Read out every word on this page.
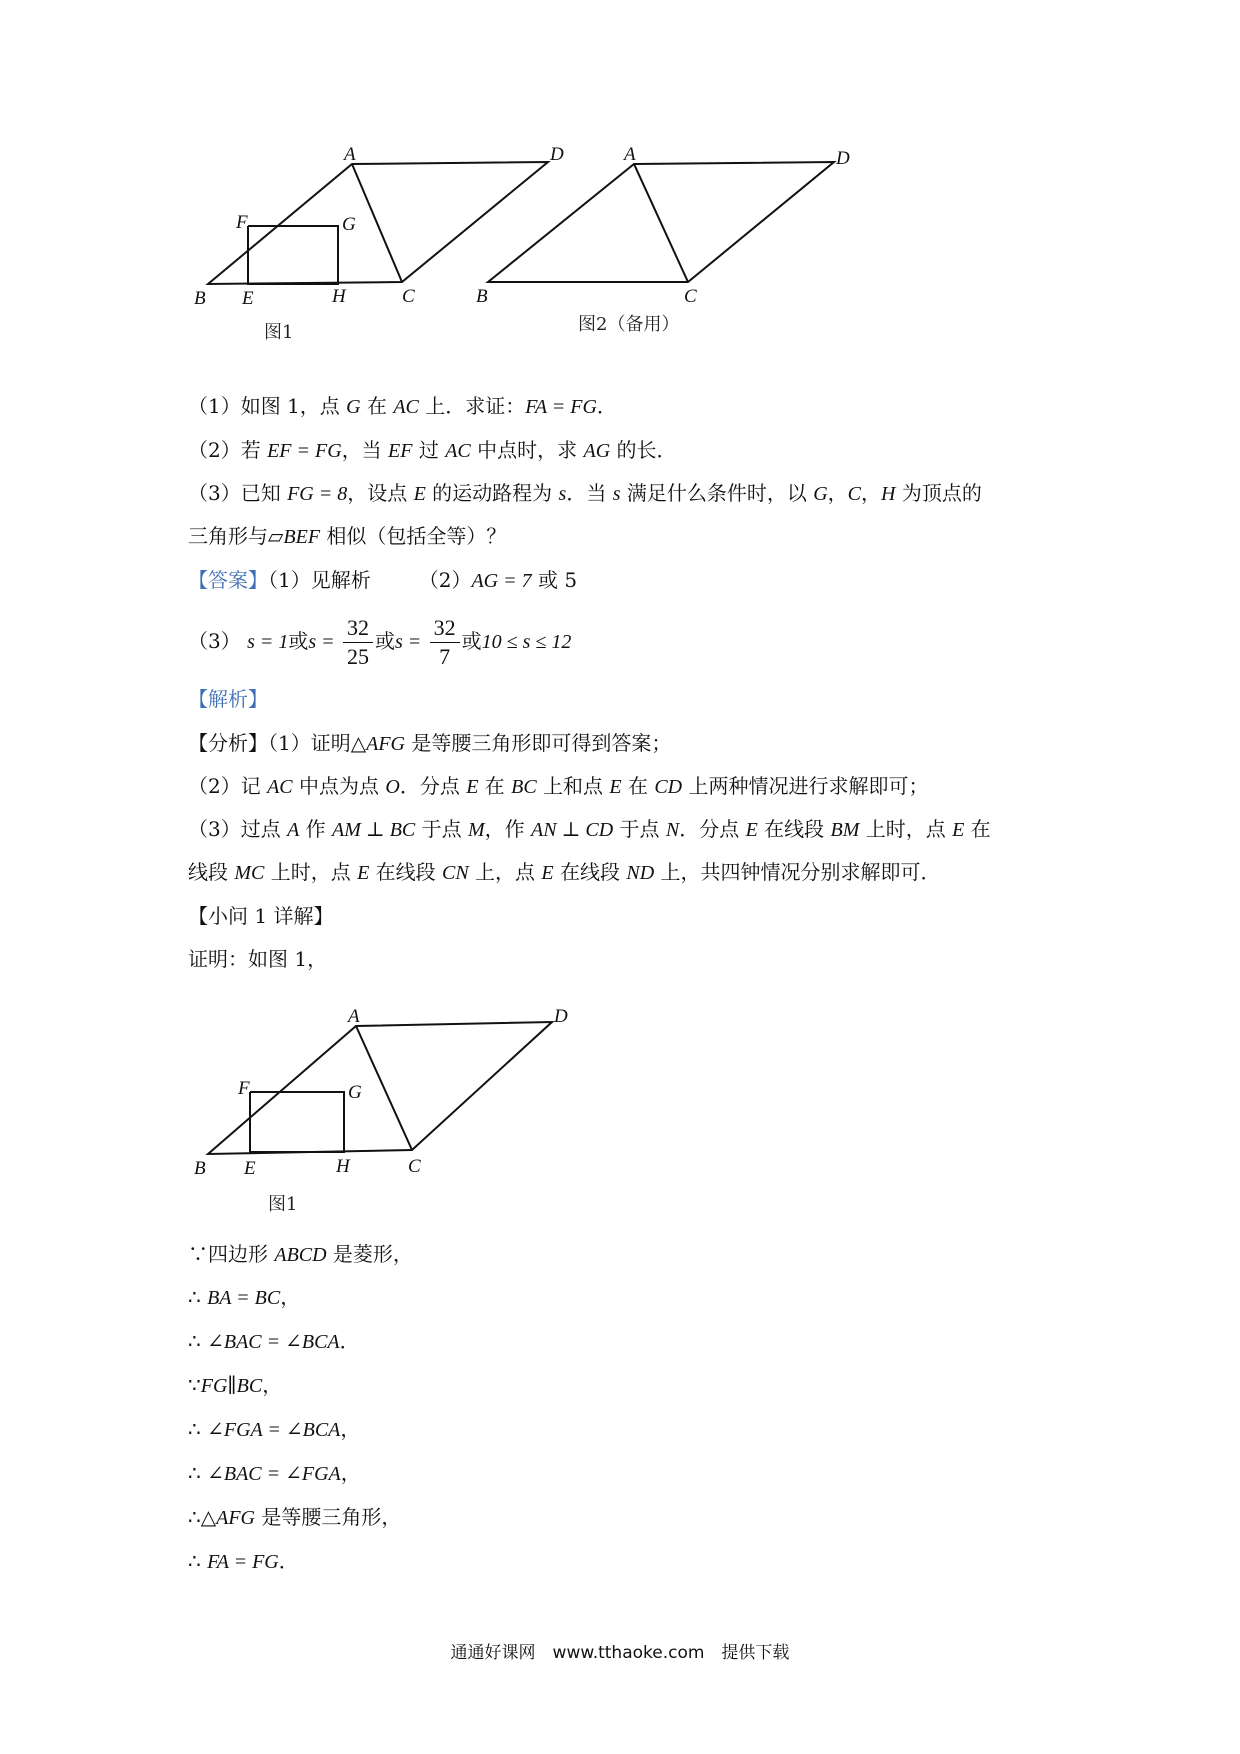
A	D
F	G
B E	H	C
图1
A	D
B	C
图2（备用）
（1）如图 1，点 G 在 AC 上．求证：FA = FG．
（2）若 EF = FG，当 EF 过 AC 中点时，求 AG 的长．
（3）已知 FG = 8，设点 E 的运动路程为 s．当 s 满足什么条件时，以 G，C，H 为顶点的
三角形与▱BEF 相似（包括全等）？
【答案】（1）见解析 （2）AG = 7 或 5
（3） s = 1或$s = \frac{32}{25}$ 或$s = \frac{32}{7}$ 或10 ≤ s ≤ 12
【解析】
【分析】（1）证明△AFG 是等腰三角形即可得到答案；
（2）记 AC 中点为点 O．分点 E 在 BC 上和点 E 在 CD 上两种情况进行求解即可；
（3）过点 A 作 AM ⊥ BC 于点 M，作 AN ⊥ CD 于点 N．分点 E 在线段 BM 上时，点 E 在
线段 MC 上时，点 E 在线段 CN 上，点 E 在线段 ND 上，共四钟情况分别求解即可．
【小问 1 详解】
证明：如图 1，
A	D
F	G
B E	H	C
图1
∵四边形 ABCD 是菱形，
∴ BA = BC，
∴ ∠BAC = ∠BCA．
∵FG∥BC，
∴ ∠FGA = ∠BCA，
∴ ∠BAC = ∠FGA，
∴△AFG 是等腰三角形，
∴ FA = FG．
通通好课网　www.tthaoke.com　提供下载
